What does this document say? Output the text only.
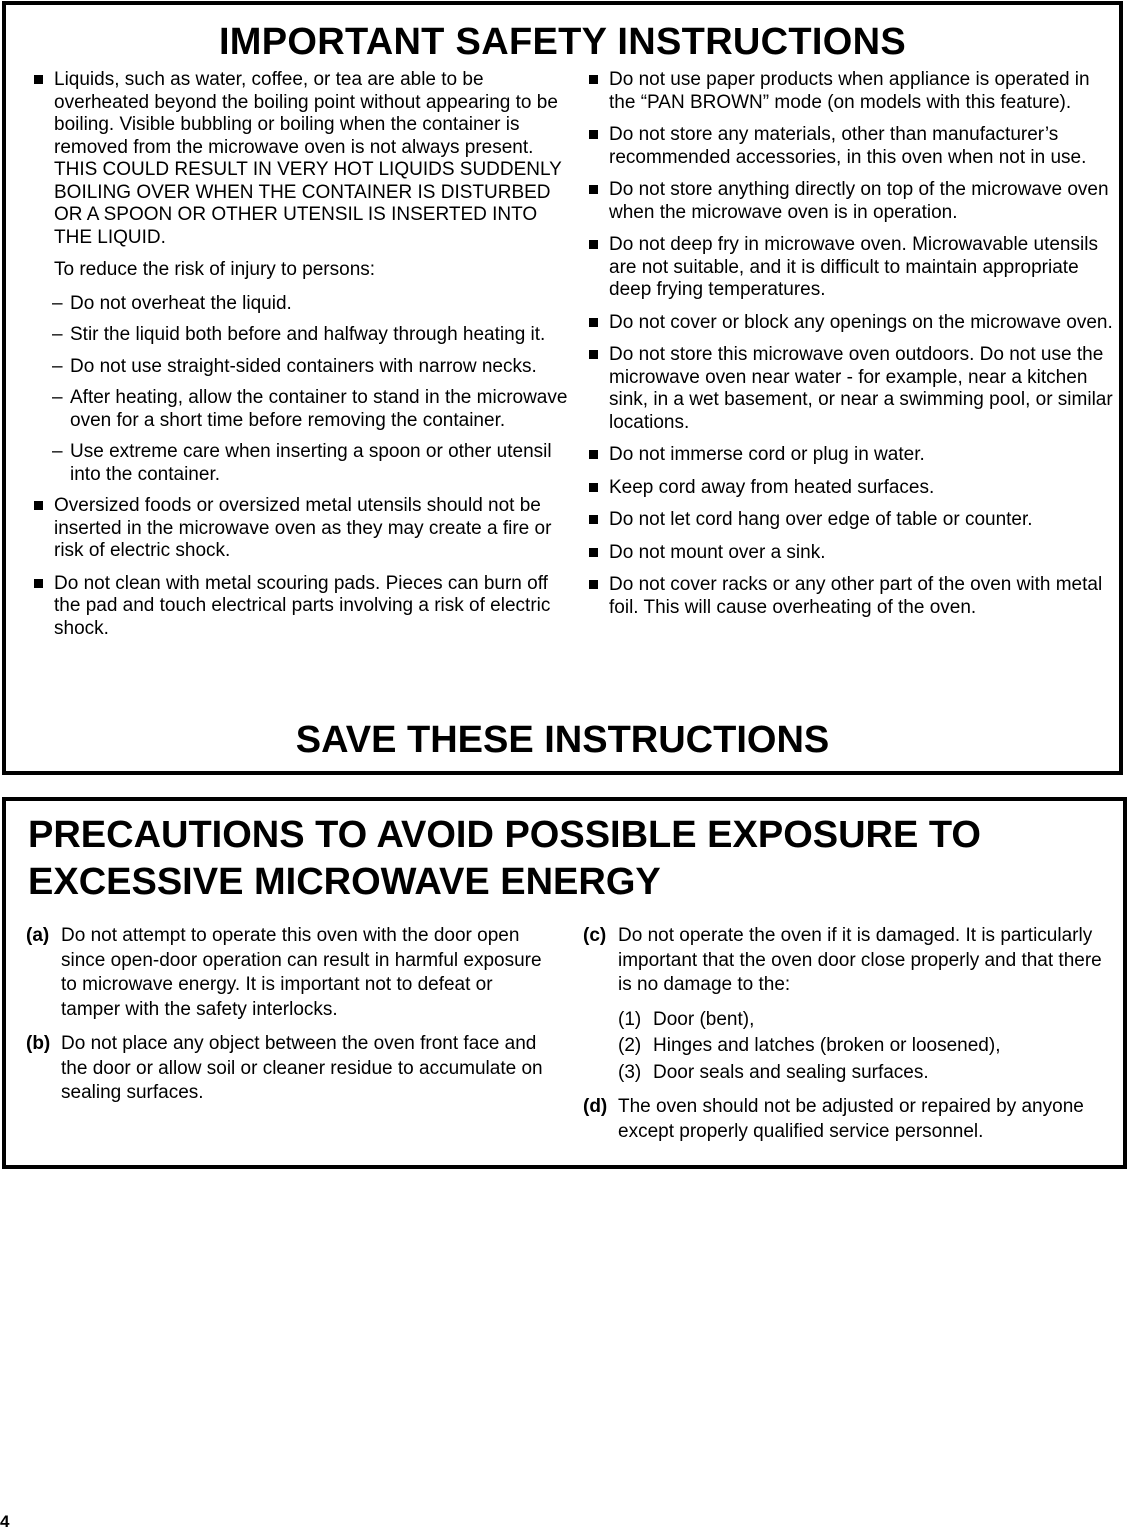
IMPORTANT SAFETY INSTRUCTIONS
Liquids, such as water, coffee, or tea are able to be overheated beyond the boiling point without appearing to be boiling. Visible bubbling or boiling when the container is removed from the microwave oven is not always present. THIS COULD RESULT IN VERY HOT LIQUIDS SUDDENLY BOILING OVER WHEN THE CONTAINER IS DISTURBED OR A SPOON OR OTHER UTENSIL IS INSERTED INTO THE LIQUID.
To reduce the risk of injury to persons:
– Do not overheat the liquid.
– Stir the liquid both before and halfway through heating it.
– Do not use straight-sided containers with narrow necks.
– After heating, allow the container to stand in the microwave oven for a short time before removing the container.
– Use extreme care when inserting a spoon or other utensil into the container.
Oversized foods or oversized metal utensils should not be inserted in the microwave oven as they may create a fire or risk of electric shock.
Do not clean with metal scouring pads. Pieces can burn off the pad and touch electrical parts involving a risk of electric shock.
Do not use paper products when appliance is operated in the “PAN BROWN” mode (on models with this feature).
Do not store any materials, other than manufacturer’s recommended accessories, in this oven when not in use.
Do not store anything directly on top of the microwave oven when the microwave oven is in operation.
Do not deep fry in microwave oven. Microwavable utensils are not suitable, and it is difficult to maintain appropriate deep frying temperatures.
Do not cover or block any openings on the microwave oven.
Do not store this microwave oven outdoors. Do not use the microwave oven near water - for example, near a kitchen sink, in a wet basement, or near a swimming pool, or similar locations.
Do not immerse cord or plug in water.
Keep cord away from heated surfaces.
Do not let cord hang over edge of table or counter.
Do not mount over a sink.
Do not cover racks or any other part of the oven with metal foil. This will cause overheating of the oven.
SAVE THESE INSTRUCTIONS
PRECAUTIONS TO AVOID POSSIBLE EXPOSURE TO EXCESSIVE MICROWAVE ENERGY
(a) Do not attempt to operate this oven with the door open since open-door operation can result in harmful exposure to microwave energy. It is important not to defeat or tamper with the safety interlocks.
(b) Do not place any object between the oven front face and the door or allow soil or cleaner residue to accumulate on sealing surfaces.
(c) Do not operate the oven if it is damaged. It is particularly important that the oven door close properly and that there is no damage to the:
(1) Door (bent),
(2) Hinges and latches (broken or loosened),
(3) Door seals and sealing surfaces.
(d) The oven should not be adjusted or repaired by anyone except properly qualified service personnel.
4
